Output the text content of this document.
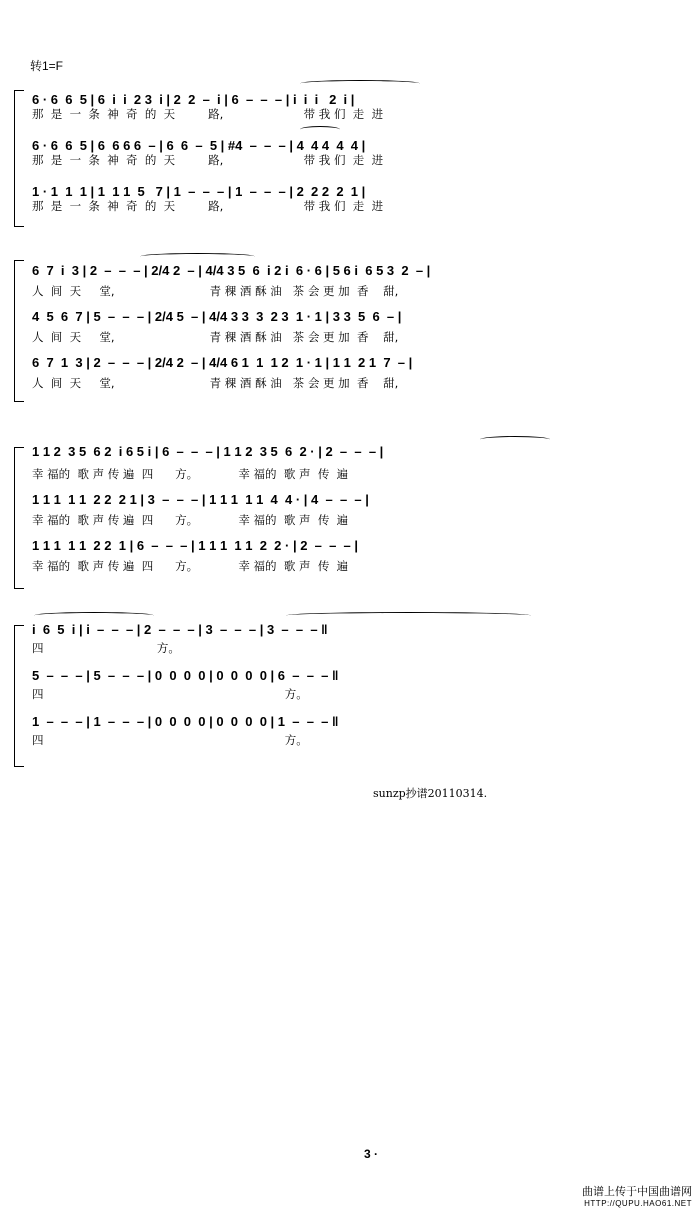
转1=F
6 · 6  6  5 | 6  i  i  2 3  i | 2  2  –  i | 6  –  –  – | i  i  i   2  i |
那  是  一  条  神  奇  的  天         路,                      带 我 们  走  进
6 · 6  6  5 | 6  6 6 6  – | 6  6  –  5 | #4  –  –  – | 4  4 4  4  4 |
那  是  一  条  神  奇  的  天         路,                      带 我 们  走  进
1 · 1  1  1 | 1  1 1  5   7 | 1  –  –  – | 1  –  –  – | 2  2 2  2  1 |
那  是  一  条  神  奇  的  天         路,                      带 我 们  走  进
6  7  i  3 | 2  –  –  – | 2/4 2  – | 4/4 3 5  6  i 2 i  6 · 6 | 5 6 i  6 5 3  2  – |
人  间  天     堂,                          青 稞 酒 酥 油   茶 会 更 加  香    甜,
4  5  6  7 | 5  –  –  – | 2/4 5  – | 4/4 3 3  3  2 3  1 · 1 | 3 3  5  6  – |
人  间  天     堂,                          青 稞 酒 酥 油   茶 会 更 加  香    甜,
6  7  1  3 | 2  –  –  – | 2/4 2  – | 4/4 6 1  1  1 2  1 · 1 | 1 1  2 1  7  – |
人  间  天     堂,                          青 稞 酒 酥 油   茶 会 更 加  香    甜,
1 1 2  3 5  6 2  i 6 5 i | 6  –  –  – | 1 1 2  3 5  6  2 · | 2  –  –  – |
幸 福的  歌 声 传 遍  四      方。           幸 福的  歌 声  传  遍
1 1 1  1 1  2 2  2 1 | 3  –  –  – | 1 1 1  1 1  4  4 · | 4  –  –  – |
幸 福的  歌 声 传 遍  四      方。           幸 福的  歌 声  传  遍
1 1 1  1 1  2 2  1 | 6  –  –  – | 1 1 1  1 1  2  2 · | 2  –  –  – |
幸 福的  歌 声 传 遍  四      方。           幸 福的  歌 声  传  遍
i  6  5  i | i  –  –  – | 2  –  –  – | 3  –  –  – | 3  –  –  – ‖
四                               方。
5  –  –  – | 5  –  –  – | 0  0  0  0 | 0  0  0  0 | 6  –  –  – ‖
四                                                                  方。
1  –  –  – | 1  –  –  – | 0  0  0  0 | 0  0  0  0 | 1  –  –  – ‖
四                                                                  方。
sunzp抄谱20110314.
3 ·
曲谱上传于中国曲谱网
HTTP://QUPU.HAO61.NET
